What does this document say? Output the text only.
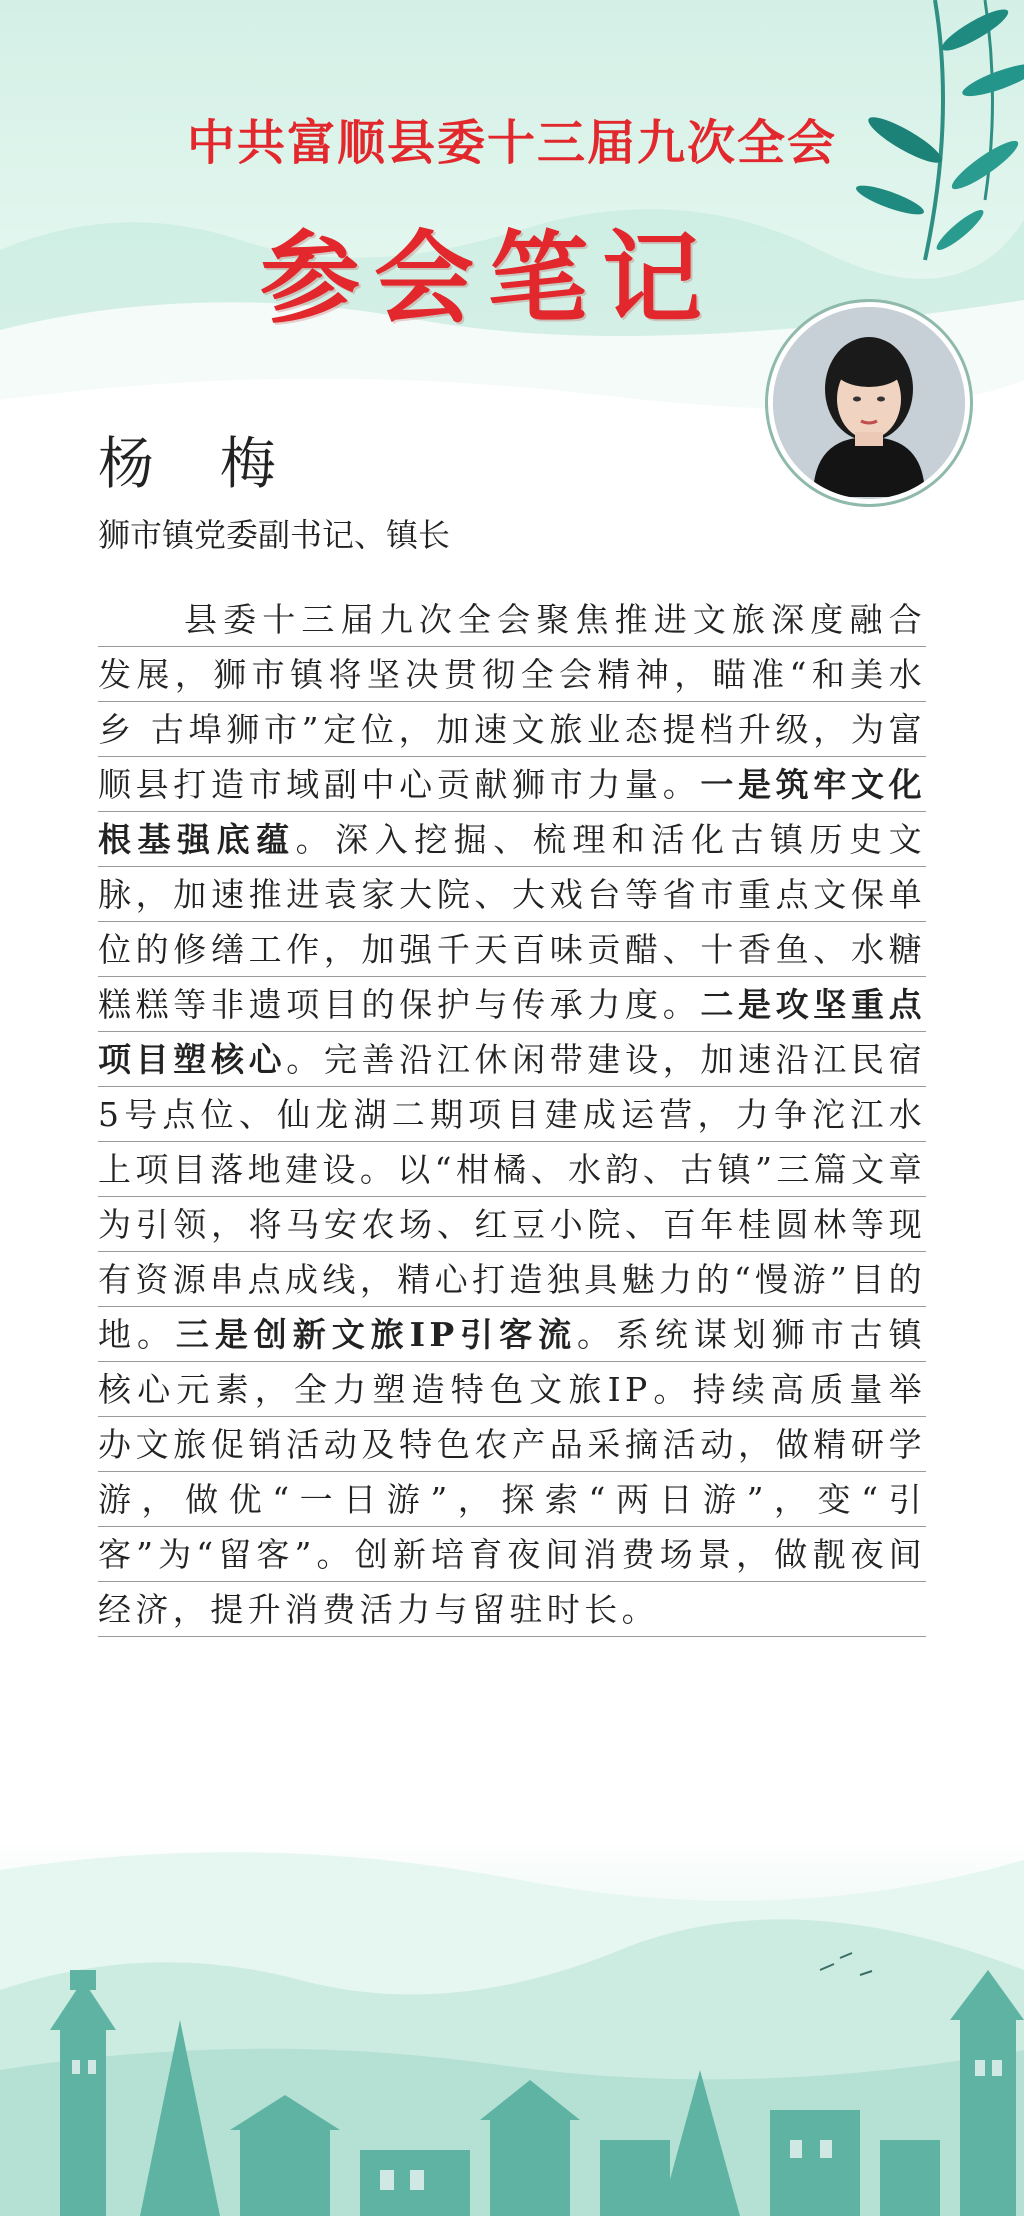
中共富顺县委十三届九次全会
参会笔记
杨 梅
狮市镇党委副书记、镇长

县委十三届九次全会聚焦推进文旅深度融合发展，狮市镇将坚决贯彻全会精神，瞄准“和美水乡 古埠狮市”定位，加速文旅业态提档升级，为富顺县打造市域副中心贡献狮市力量。一是筑牢文化根基强底蕴。深入挖掘、梳理和活化古镇历史文脉，加速推进袁家大院、大戏台等省市重点文保单位的修缮工作，加强千天百味贡醋、十香鱼、水糖糕糕等非遗项目的保护与传承力度。二是攻坚重点项目塑核心。完善沿江休闲带建设，加速沿江民宿5号点位、仙龙湖二期项目建成运营，力争沱江水上项目落地建设。以“柑橘、水韵、古镇”三篇文章为引领，将马安农场、红豆小院、百年桂圆林等现有资源串点成线，精心打造独具魅力的“慢游”目的地。三是创新文旅IP引客流。系统谋划狮市古镇核心元素，全力塑造特色文旅IP。持续高质量举办文旅促销活动及特色农产品采摘活动，做精研学游，做优“一日游”，探索“两日游”，变“引客”为“留客”。创新培育夜间消费场景，做靓夜间经济，提升消费活力与留驻时长。
